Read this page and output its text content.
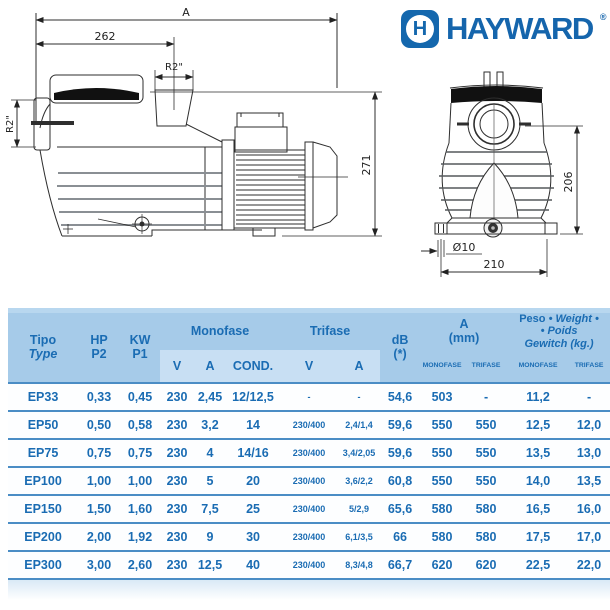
A
262
R2"
R2"
271
206
Ø10
210
H HAYWARD ®
Tipo
Type

HP
P2

KW
P1
	Monofase	Trifase	
dB
(*)

A
(mm)

Peso • Weight •
• Poids
Gewitch (kg.)

			V	A	COND.	V	A		MONOFASE	TRIFASE	MONOFASE	TRIFASE
EP33	0,33	0,45	230	2,45	12/12,5	-	-	54,6	503	-	11,2	-
EP50	0,50	0,58	230	3,2	14	230/400	2,4/1,4	59,6	550	550	12,5	12,0
EP75	0,75	0,75	230	4	14/16	230/400	3,4/2,05	59,6	550	550	13,5	13,0
EP100	1,00	1,00	230	5	20	230/400	3,6/2,2	60,8	550	550	14,0	13,5
EP150	1,50	1,60	230	7,5	25	230/400	5/2,9	65,6	580	580	16,5	16,0
EP200	2,00	1,92	230	9	30	230/400	6,1/3,5	66	580	580	17,5	17,0
EP300	3,00	2,60	230	12,5	40	230/400	8,3/4,8	66,7	620	620	22,5	22,0
